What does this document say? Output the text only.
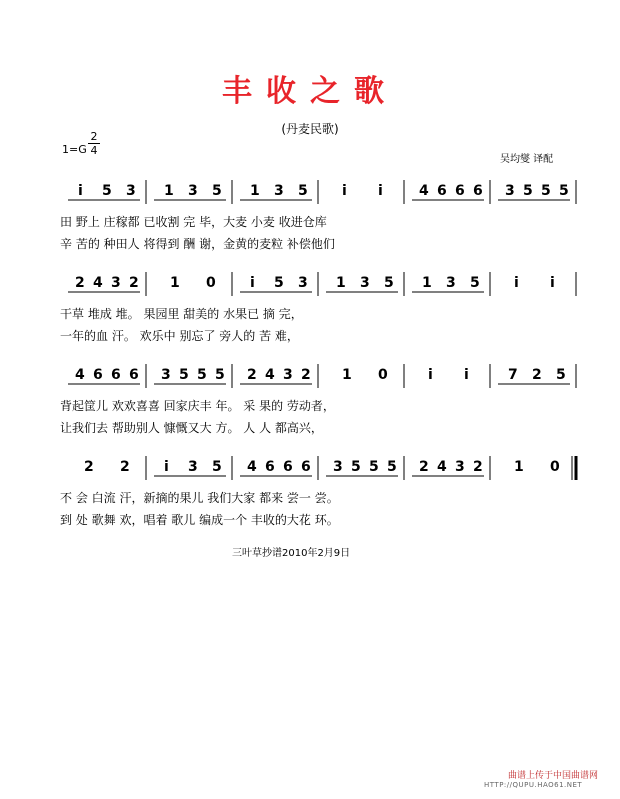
丰收之歌
(丹麦民歌)
1=G
2
4
吴均燮 译配
i 5 3 1 3 5 1 3 5 i i	4 6 6 6 3 5 5 5
田 野上 庄稼都 已收割 完 毕，大麦 小麦 收进仓库
辛 苦的 种田人 将得到 酬 谢，金黄的麦粒 补偿他们
2 4 3 2 1 0 i 5 3 1 3 5 1 3 5 i i
干草 堆成 堆。 果园里 甜美的 水果已 摘 完，
一年的血 汗。 欢乐中 别忘了 旁人的 苦 难，
4 6 6 6 3 5 5 5 2 4 3 2 1 0	i i	7 2 5
背起筐儿 欢欢喜喜 回家庆丰 年。 采 果的 劳动者，
让我们去 帮助别人 慷慨又大 方。 人 人 都高兴，
2 2 i 3 5 4 6 6 6 3 5 5 5 2 4 3 2 1 0
不 会 白流 汗，新摘的果儿 我们大家 都来 尝一 尝。
到 处 歌舞 欢，唱着 歌儿 编成一个 丰收的大花 环。
三叶草抄谱2010年2月9日
曲谱上传于中国曲谱网
HTTP://QUPU.HAO61.NET
